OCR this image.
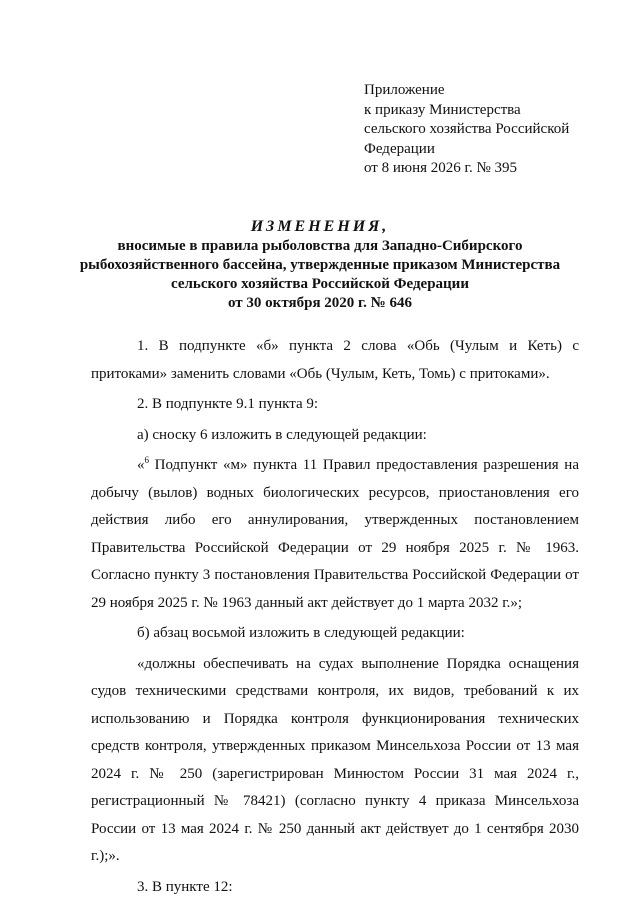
Приложение
к приказу Министерства
сельского хозяйства Российской
Федерации
от 8 июня 2026 г. № 395
ИЗМЕНЕНИЯ,
вносимые в правила рыболовства для Западно-Сибирского
рыбохозяйственного бассейна, утвержденные приказом Министерства
сельского хозяйства Российской Федерации
от 30 октября 2020 г. № 646

1. В подпункте «б» пункта 2 слова «Обь (Чулым и Кеть) с притоками» заменить словами «Обь (Чулым, Кеть, Томь) с притоками».

2. В подпункте 9.1 пункта 9:

а) сноску 6 изложить в следующей редакции:

«$^6$ Подпункт «м» пункта 11 Правил предоставления разрешения на добычу (вылов) водных биологических ресурсов, приостановления его действия либо его аннулирования, утвержденных постановлением Правительства Российской Федерации от 29 ноября 2025 г. № 1963. Согласно пункту 3 постановления Правительства Российской Федерации от 29 ноября 2025 г. № 1963 данный акт действует до 1 марта 2032 г.»;

б) абзац восьмой изложить в следующей редакции:

«должны обеспечивать на судах выполнение Порядка оснащения судов техническими средствами контроля, их видов, требований к их использованию и Порядка контроля функционирования технических средств контроля, утвержденных приказом Минсельхоза России от 13 мая 2024 г. № 250 (зарегистрирован Минюстом России 31 мая 2024 г., регистрационный № 78421) (согласно пункту 4 приказа Минсельхоза России от 13 мая 2024 г. № 250 данный акт действует до 1 сентября 2030 г.);».

3. В пункте 12:
